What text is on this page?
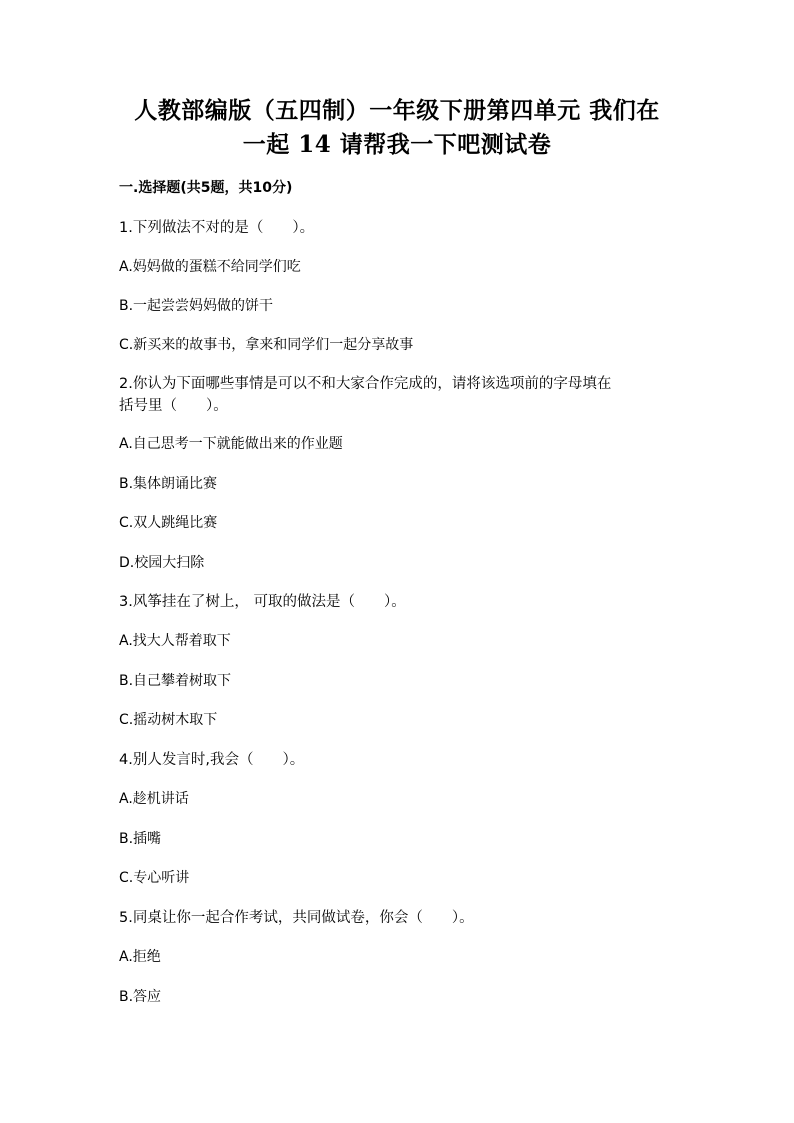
人教部编版（五四制）一年级下册第四单元 我们在
一起 14 请帮我一下吧测试卷
一.选择题(共5题，共10分)
1.下列做法不对的是（　　）。
A.妈妈做的蛋糕不给同学们吃
B.一起尝尝妈妈做的饼干
C.新买来的故事书，拿来和同学们一起分享故事
2.你认为下面哪些事情是可以不和大家合作完成的，请将该选项前的字母填在
括号里（　　）。
A.自己思考一下就能做出来的作业题
B.集体朗诵比赛
C.双人跳绳比赛
D.校园大扫除
3.风筝挂在了树上， 可取的做法是（　　）。
A.找大人帮着取下
B.自己攀着树取下
C.摇动树木取下
4.别人发言时,我会（　　）。
A.趁机讲话
B.插嘴
C.专心听讲
5.同桌让你一起合作考试，共同做试卷，你会（　　）。
A.拒绝
B.答应
